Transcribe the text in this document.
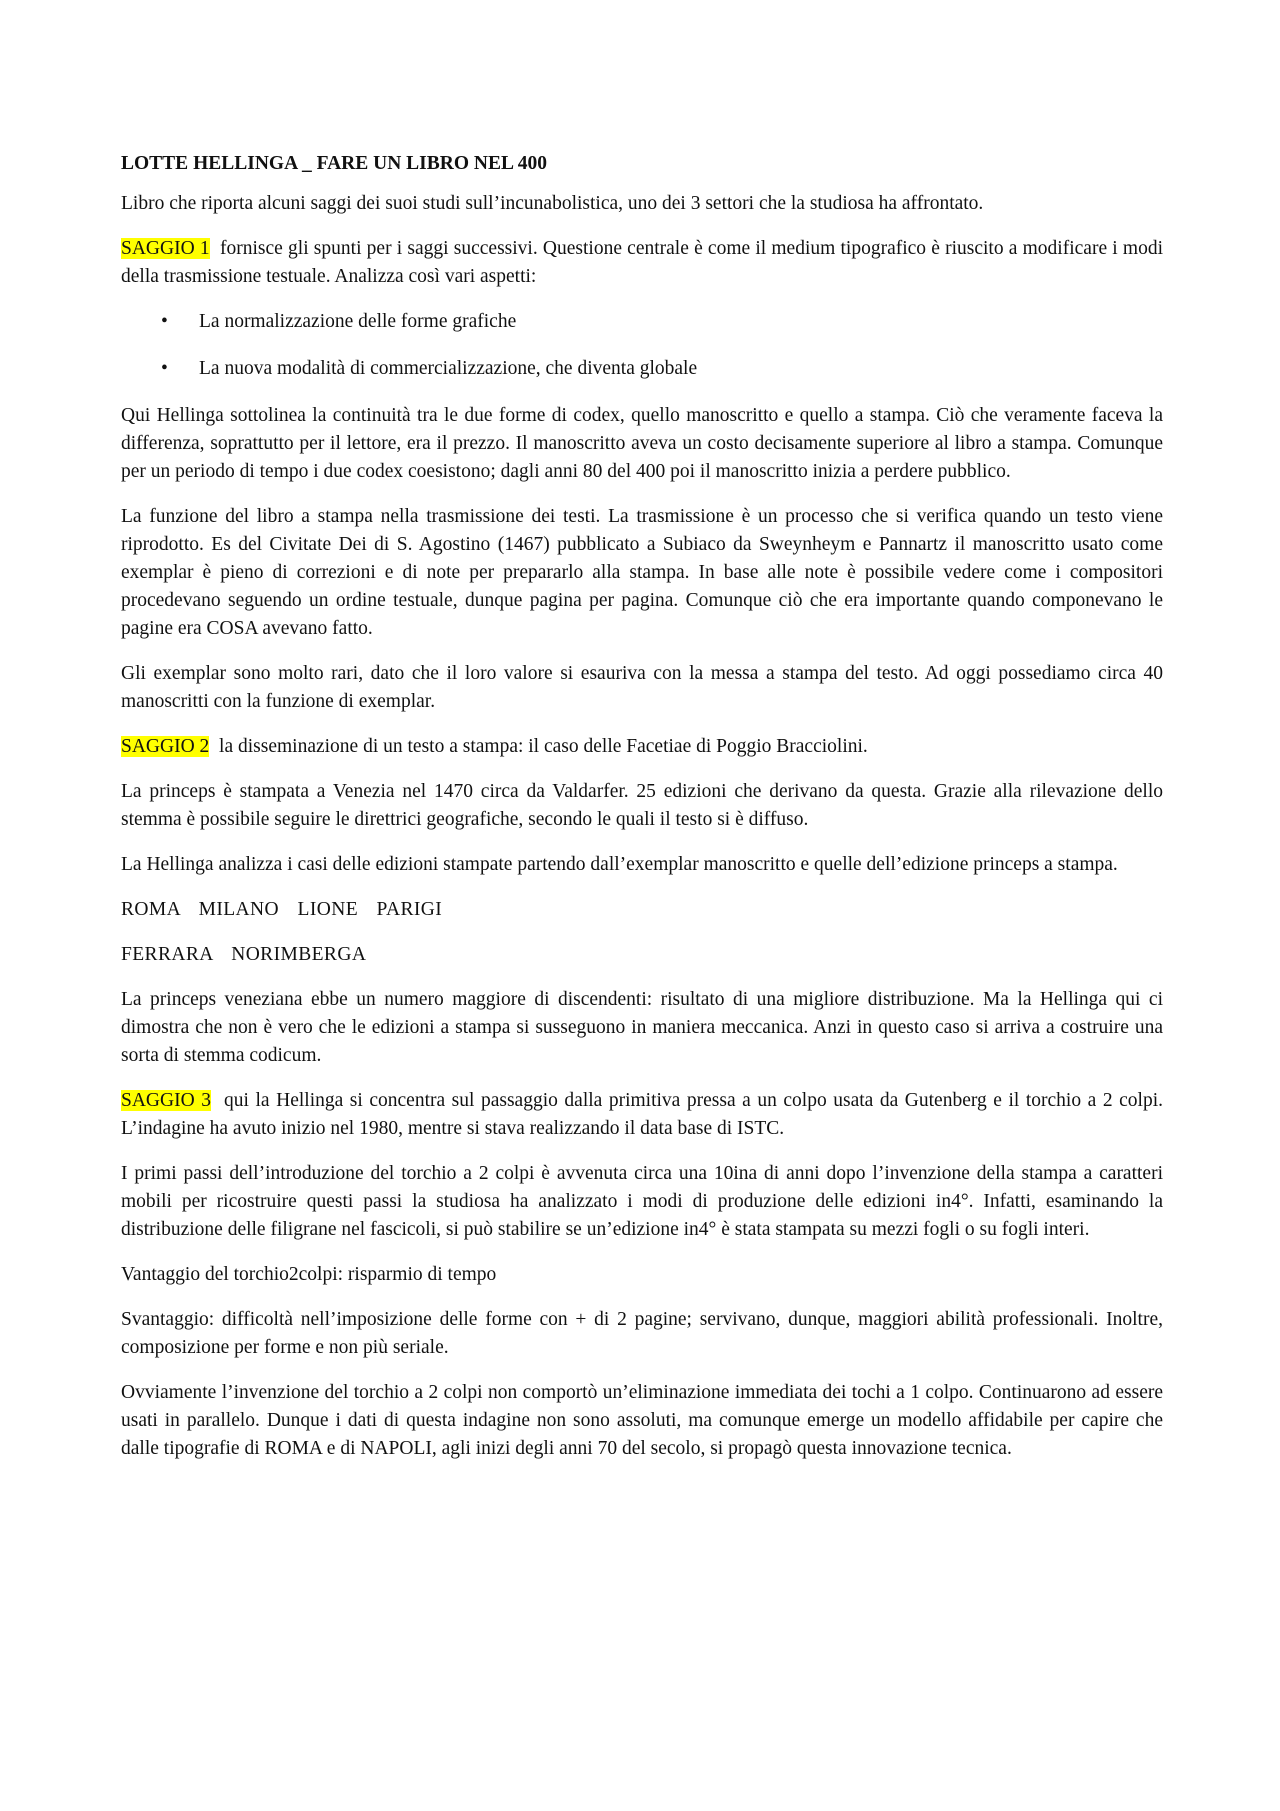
LOTTE HELLINGA _ FARE UN LIBRO NEL 400

Libro che riporta alcuni saggi dei suoi studi sull’incunabolistica, uno dei 3 settori che la studiosa ha affrontato.

SAGGIO 1  fornisce gli spunti per i saggi successivi. Questione centrale è come il medium tipografico è riuscito a modificare i modi della trasmissione testuale. Analizza così vari aspetti:

• La normalizzazione delle forme grafiche
• La nuova modalità di commercializzazione, che diventa globale

Qui Hellinga sottolinea la continuità tra le due forme di codex, quello manoscritto e quello a stampa. Ciò che veramente faceva la differenza, soprattutto per il lettore, era il prezzo. Il manoscritto aveva un costo decisamente superiore al libro a stampa. Comunque per un periodo di tempo i due codex coesistono; dagli anni 80 del 400 poi il manoscritto inizia a perdere pubblico.

La funzione del libro a stampa nella trasmissione dei testi. La trasmissione è un processo che si verifica quando un testo viene riprodotto. Es del Civitate Dei di S. Agostino (1467) pubblicato a Subiaco da Sweynheym e Pannartz il manoscritto usato come exemplar è pieno di correzioni e di note per prepararlo alla stampa. In base alle note è possibile vedere come i compositori procedevano seguendo un ordine testuale, dunque pagina per pagina. Comunque ciò che era importante quando componevano le pagine era COSA avevano fatto.

Gli exemplar sono molto rari, dato che il loro valore si esauriva con la messa a stampa del testo. Ad oggi possediamo circa 40 manoscritti con la funzione di exemplar.

SAGGIO 2  la disseminazione di un testo a stampa: il caso delle Facetiae di Poggio Bracciolini.

La princeps è stampata a Venezia nel 1470 circa da Valdarfer. 25 edizioni che derivano da questa. Grazie alla rilevazione dello stemma è possibile seguire le direttrici geografiche, secondo le quali il testo si è diffuso.

La Hellinga analizza i casi delle edizioni stampate partendo dall’exemplar manoscritto e quelle dell’edizione princeps a stampa.

ROMA  MILANO  LIONE  PARIGI

FERRARA  NORIMBERGA

La princeps veneziana ebbe un numero maggiore di discendenti: risultato di una migliore distribuzione. Ma la Hellinga qui ci dimostra che non è vero che le edizioni a stampa si susseguono in maniera meccanica. Anzi in questo caso si arriva a costruire una sorta di stemma codicum.

SAGGIO 3  qui la Hellinga si concentra sul passaggio dalla primitiva pressa a un colpo usata da Gutenberg e il torchio a 2 colpi. L’indagine ha avuto inizio nel 1980, mentre si stava realizzando il data base di ISTC.

I primi passi dell’introduzione del torchio a 2 colpi è avvenuta circa una 10ina di anni dopo l’invenzione della stampa a caratteri mobili per ricostruire questi passi la studiosa ha analizzato i modi di produzione delle edizioni in4°. Infatti, esaminando la distribuzione delle filigrane nel fascicoli, si può stabilire se un’edizione in4° è stata stampata su mezzi fogli o su fogli interi.

Vantaggio del torchio2colpi: risparmio di tempo

Svantaggio: difficoltà nell’imposizione delle forme con + di 2 pagine; servivano, dunque, maggiori abilità professionali. Inoltre, composizione per forme e non più seriale.

Ovviamente l’invenzione del torchio a 2 colpi non comportò un’eliminazione immediata dei tochi a 1 colpo. Continuarono ad essere usati in parallelo. Dunque i dati di questa indagine non sono assoluti, ma comunque emerge un modello affidabile per capire che dalle tipografie di ROMA e di NAPOLI, agli inizi degli anni 70 del secolo, si propagò questa innovazione tecnica.
